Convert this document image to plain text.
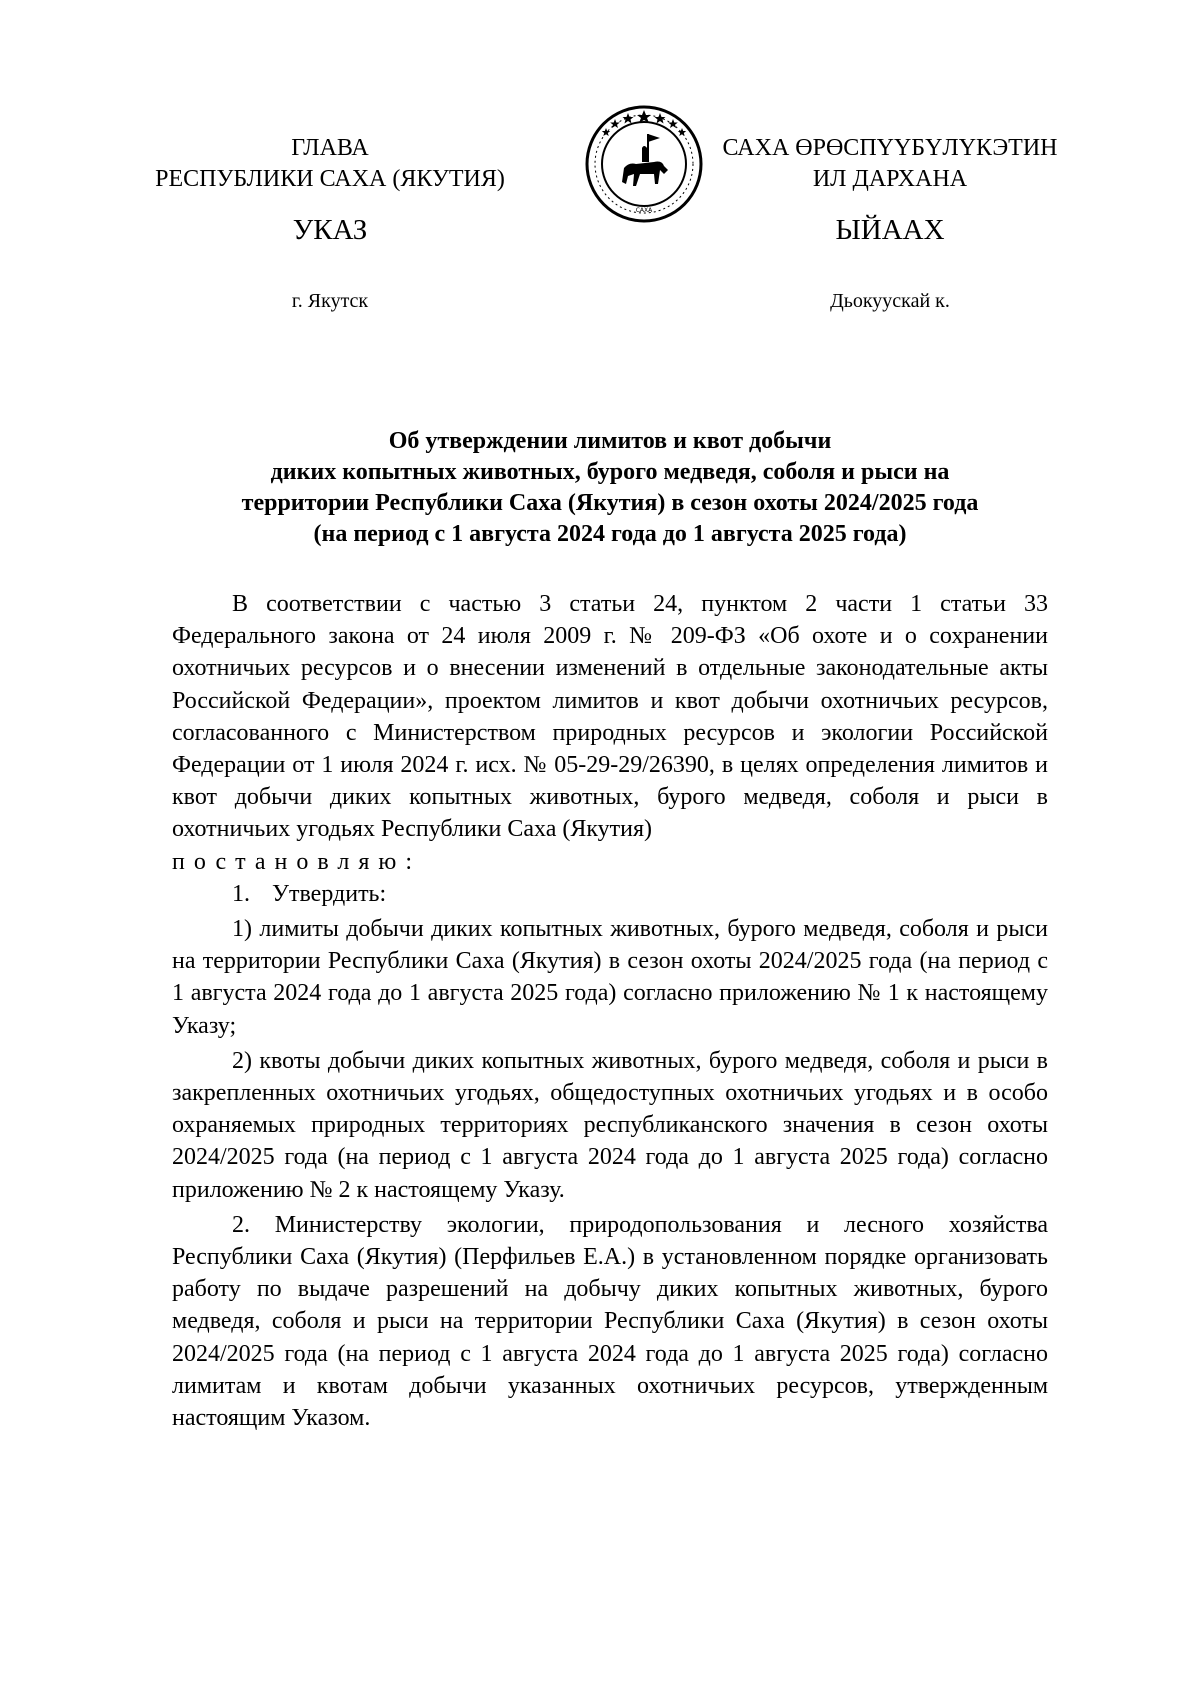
ГЛАВА
РЕСПУБЛИКИ САХА (ЯКУТИЯ)
САХА
САХА ӨРӨСПҮҮБҮЛҮКЭТИН
ИЛ ДАРХАНА
УКАЗ	ЫЙААХ
г. Якутск	Дьокуускай к.
Об утверждении лимитов и квот добычи
диких копытных животных, бурого медведя, соболя и рыси на
территории Республики Саха (Якутия) в сезон охоты 2024/2025 года
(на период с 1 августа 2024 года до 1 августа 2025 года)

В соответствии с частью 3 статьи 24, пунктом 2 части 1 статьи 33 Федерального закона от 24 июля 2009 г. № 209-ФЗ «Об охоте и о сохранении охотничьих ресурсов и о внесении изменений в отдельные законодательные акты Российской Федерации», проектом лимитов и квот добычи охотничьих ресурсов, согласованного с Министерством природных ресурсов и экологии Российской Федерации от 1 июля 2024 г. исх. № 05-29-29/26390, в целях определения лимитов и квот добычи диких копытных животных, бурого медведя, соболя и рыси в охотничьих угодьях Республики Саха (Якутия)

постановляю:

1. Утвердить:

1) лимиты добычи диких копытных животных, бурого медведя, соболя и рыси на территории Республики Саха (Якутия) в сезон охоты 2024/2025 года (на период с 1 августа 2024 года до 1 августа 2025 года) согласно приложению № 1 к настоящему Указу;

2) квоты добычи диких копытных животных, бурого медведя, соболя и рыси в закрепленных охотничьих угодьях, общедоступных охотничьих угодьях и в особо охраняемых природных территориях республиканского значения в сезон охоты 2024/2025 года (на период с 1 августа 2024 года до 1 августа 2025 года) согласно приложению № 2 к настоящему Указу.

2. Министерству экологии, природопользования и лесного хозяйства Республики Саха (Якутия) (Перфильев Е.А.) в установленном порядке организовать работу по выдаче разрешений на добычу диких копытных животных, бурого медведя, соболя и рыси на территории Республики Саха (Якутия) в сезон охоты 2024/2025 года (на период с 1 августа 2024 года до 1 августа 2025 года) согласно лимитам и квотам добычи указанных охотничьих ресурсов, утвержденным настоящим Указом.
